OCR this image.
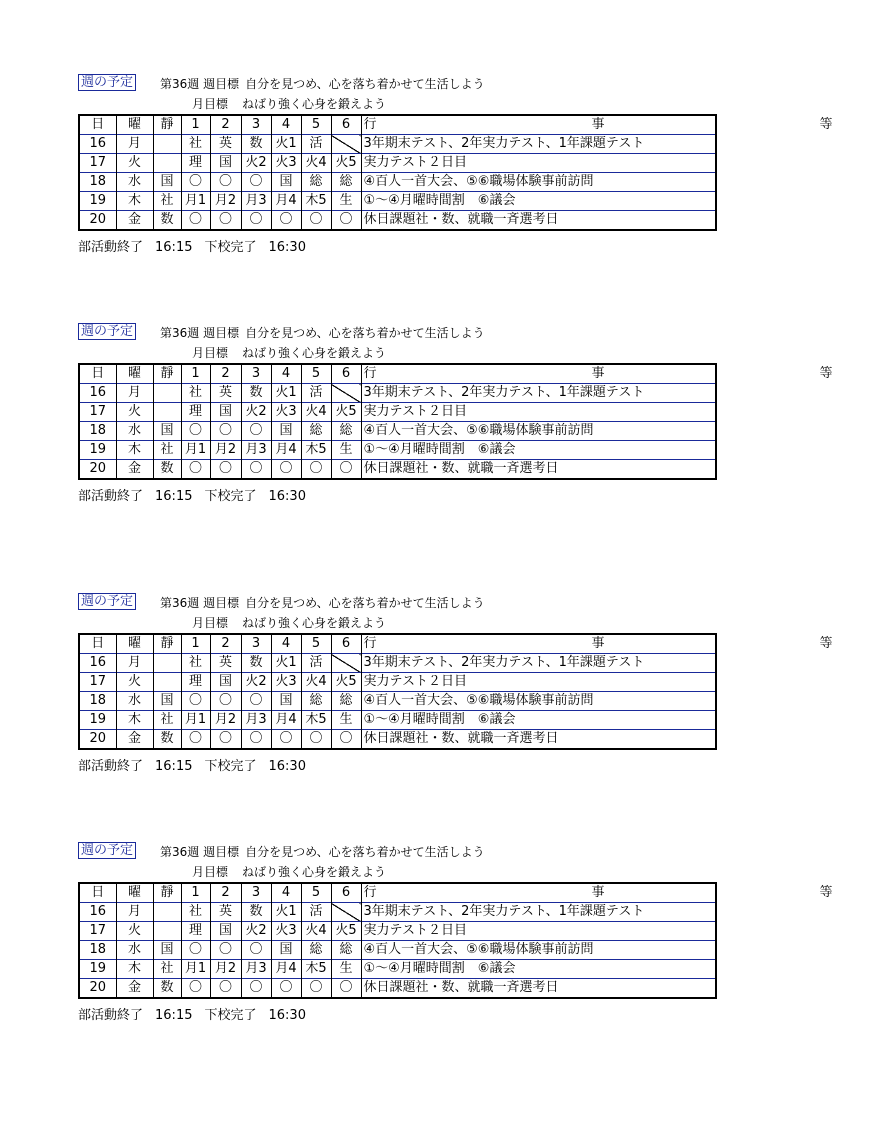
週の予定 第36週 週目標 自分を見つめ、心を落ち着かせて生活しよう
月目標 ねばり強く心身を鍛えよう
日	曜	靜	1	2	3	4	5	6	行　　　事　　　等
16	月		社	英	数	火1	活		3年期末テスト、2年実力テスト、1年課題テスト
17	火		理	国	火2	火3	火4	火5	実力テスト２日目
18	水	国	〇	〇	〇	国	総	総	④百人一首大会、⑤⑥職場体験事前訪問
19	木	社	月1	月2	月3	月4	木5	生	①～④月曜時間割　⑥議会
20	金	数	〇	〇	〇	〇	〇	〇	休日課題社・数、就職一斉選考日
部活動終了 16:15 下校完了 16:30
週の予定 第36週 週目標 自分を見つめ、心を落ち着かせて生活しよう
月目標 ねばり強く心身を鍛えよう
日	曜	靜	1	2	3	4	5	6	行　　　事　　　等
16	月		社	英	数	火1	活		3年期末テスト、2年実力テスト、1年課題テスト
17	火		理	国	火2	火3	火4	火5	実力テスト２日目
18	水	国	〇	〇	〇	国	総	総	④百人一首大会、⑤⑥職場体験事前訪問
19	木	社	月1	月2	月3	月4	木5	生	①～④月曜時間割　⑥議会
20	金	数	〇	〇	〇	〇	〇	〇	休日課題社・数、就職一斉選考日
部活動終了 16:15 下校完了 16:30
週の予定 第36週 週目標 自分を見つめ、心を落ち着かせて生活しよう
月目標 ねばり強く心身を鍛えよう
日	曜	靜	1	2	3	4	5	6	行　　　事　　　等
16	月		社	英	数	火1	活		3年期末テスト、2年実力テスト、1年課題テスト
17	火		理	国	火2	火3	火4	火5	実力テスト２日目
18	水	国	〇	〇	〇	国	総	総	④百人一首大会、⑤⑥職場体験事前訪問
19	木	社	月1	月2	月3	月4	木5	生	①～④月曜時間割　⑥議会
20	金	数	〇	〇	〇	〇	〇	〇	休日課題社・数、就職一斉選考日
部活動終了 16:15 下校完了 16:30
週の予定 第36週 週目標 自分を見つめ、心を落ち着かせて生活しよう
月目標 ねばり強く心身を鍛えよう
日	曜	靜	1	2	3	4	5	6	行　　　事　　　等
16	月		社	英	数	火1	活		3年期末テスト、2年実力テスト、1年課題テスト
17	火		理	国	火2	火3	火4	火5	実力テスト２日目
18	水	国	〇	〇	〇	国	総	総	④百人一首大会、⑤⑥職場体験事前訪問
19	木	社	月1	月2	月3	月4	木5	生	①～④月曜時間割　⑥議会
20	金	数	〇	〇	〇	〇	〇	〇	休日課題社・数、就職一斉選考日
部活動終了 16:15 下校完了 16:30
